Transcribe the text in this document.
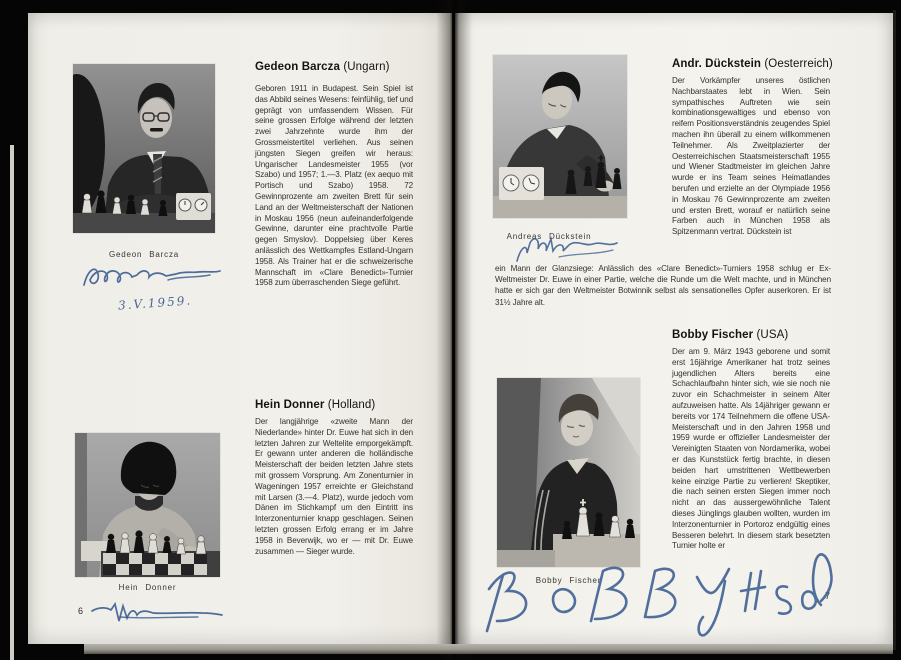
Gedeon Barcza
3.V.1959.
Gedeon Barcza (Ungarn)
Geboren 1911 in Budapest. Sein Spiel ist das Abbild seines Wesens: feinfühlig, tief und geprägt von umfassendem Wissen. Für seine grossen Erfolge während der letzten zwei Jahrzehnte wurde ihm der Grossmeistertitel verliehen. Aus seinen jüngsten Siegen greifen wir heraus: Ungarischer Landesmeister 1955 (vor Szabo) und 1957; 1.—3. Platz (ex aequo mit Portisch und Szabo) 1958. 72 Gewinnprozente am zweiten Brett für sein Land an der Weltmeisterschaft der Nationen in Moskau 1956 (neun aufeinanderfolgende Gewinne, darunter eine prachtvolle Partie gegen Smyslov). Doppelsieg über Keres anlässlich des Wettkampfes Estland-Ungarn 1958. Als Trainer hat er die schweizerische Mannschaft im «Clare Benedict»-Turnier 1958 zum überraschenden Siege geführt.
Hein Donner (Holland)
Der langjährige «zweite Mann der Niederlande» hinter Dr. Euwe hat sich in den letzten Jahren zur Weltelite emporgekämpft. Er gewann unter anderen die holländische Meisterschaft der beiden letzten Jahre stets mit grossem Vorsprung. Am Zonenturnier in Wageningen 1957 erreichte er Gleichstand mit Larsen (3.—4. Platz), wurde jedoch vom Dänen im Stichkampf um den Eintritt ins Interzonenturnier knapp geschlagen. Seinen letzten grossen Erfolg errang er im Jahre 1958 in Beverwijk, wo er — mit Dr. Euwe zusammen — Sieger wurde.
Hein Donner
6
Andr. Dückstein (Oesterreich)
Der Vorkämpfer unseres östlichen Nachbarstaates lebt in Wien. Sein sympathisches Auftreten wie sein kombinationsgewaltiges und ebenso von reifem Positionsverständnis zeugendes Spiel machen ihn überall zu einem willkommenen Teilnehmer. Als Zweitplazierter der Oesterreichischen Staatsmeisterschaft 1955 und Wiener Stadtmeister im gleichen Jahre wurde er ins Team seines Heimatlandes berufen und erzielte an der Olympiade 1956 in Moskau 76 Gewinnprozente am zweiten und ersten Brett, worauf er natürlich seine Farben auch in München 1958 als Spitzenmann vertrat. Dückstein ist
Andreas Dückstein
ein Mann der Glanzsiege: Anlässlich des «Clare Benedict»-Turniers 1958 schlug er Ex-Weltmeister Dr. Euwe in einer Partie, welche die Runde um die Welt machte, und in München hatte er sich gar den Weltmeister Botwinnik selbst als sensationelles Opfer auserkoren. Er ist 31½ Jahre alt.
Bobby Fischer (USA)
Der am 9. März 1943 geborene und somit erst 16jährige Amerikaner hat trotz seines jugendlichen Alters bereits eine Schachlaufbahn hinter sich, wie sie noch nie zuvor ein Schachmeister in seinem Alter aufzuweisen hatte. Als 14jähriger gewann er bereits vor 174 Teilnehmern die offene USA-Meisterschaft und in den Jahren 1958 und 1959 wurde er offizieller Landesmeister der Vereinigten Staaten von Nordamerika, wobei er das Kunststück fertig brachte, in diesen beiden hart umstrittenen Wettbewerben keine einzige Partie zu verlieren! Skeptiker, die nach seinen ersten Siegen immer noch nicht an das aussergewöhnliche Talent dieses Jünglings glauben wollten, wurden im Interzonenturnier in Portoroz endgültig eines Besseren belehrt. In diesem stark besetzten Turnier holte er
Bobby Fischer
7
